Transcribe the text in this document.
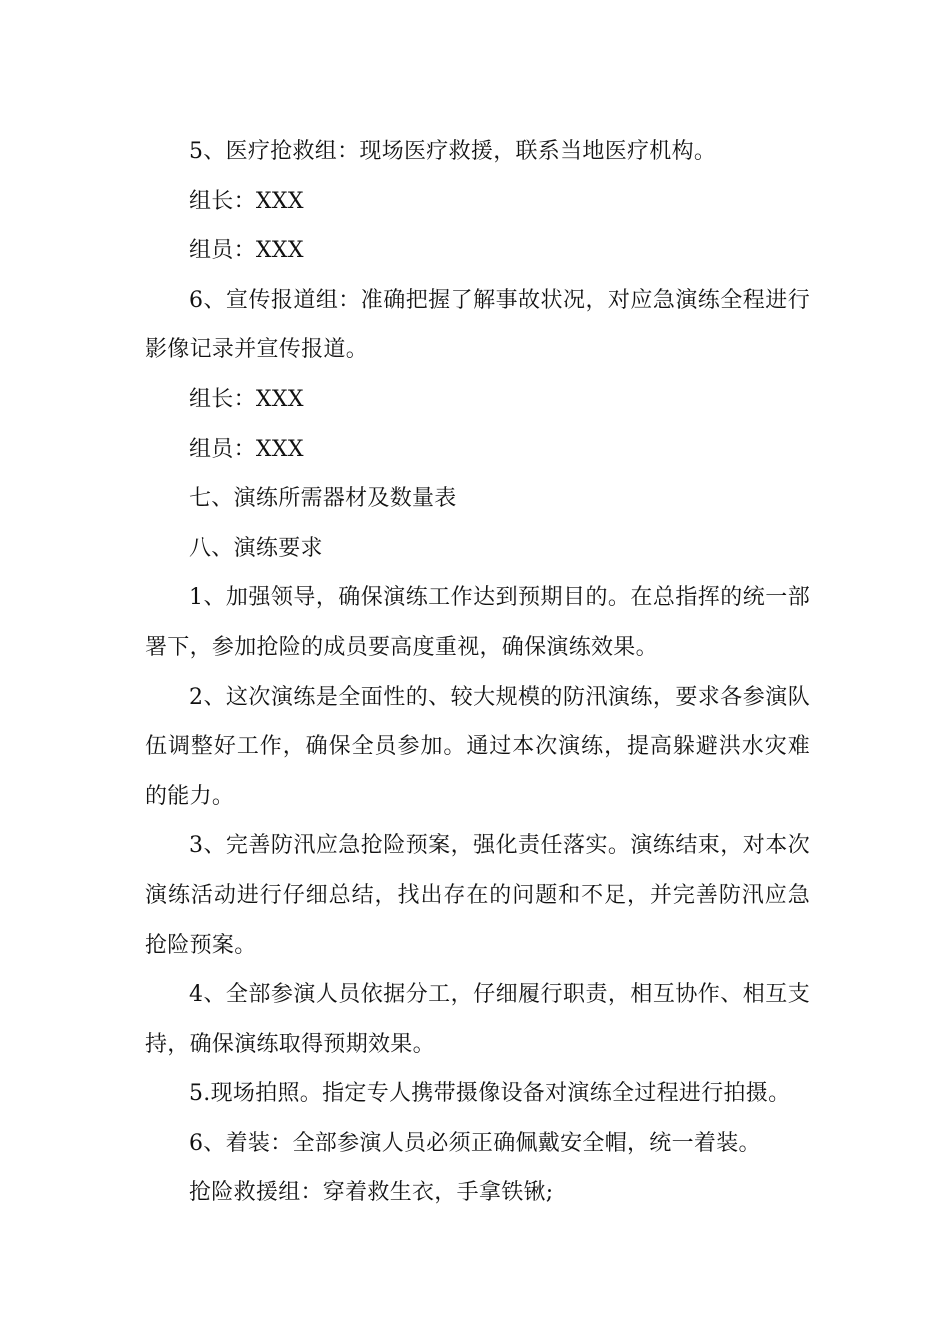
5、医疗抢救组：现场医疗救援，联系当地医疗机构。

组长：XXX

组员：XXX

6、宣传报道组：准确把握了解事故状况，对应急演练全程进行影像记录并宣传报道。

组长：XXX

组员：XXX

七、演练所需器材及数量表

八、演练要求

1、加强领导，确保演练工作达到预期目的。在总指挥的统一部署下，参加抢险的成员要高度重视，确保演练效果。

2、这次演练是全面性的、较大规模的防汛演练，要求各参演队伍调整好工作，确保全员参加。通过本次演练，提高躲避洪水灾难的能力。

3、完善防汛应急抢险预案，强化责任落实。演练结束，对本次演练活动进行仔细总结，找出存在的问题和不足，并完善防汛应急抢险预案。

4、全部参演人员依据分工，仔细履行职责，相互协作、相互支持，确保演练取得预期效果。

5.现场拍照。指定专人携带摄像设备对演练全过程进行拍摄。

6、着装：全部参演人员必须正确佩戴安全帽，统一着装。

抢险救援组：穿着救生衣，手拿铁锹;
